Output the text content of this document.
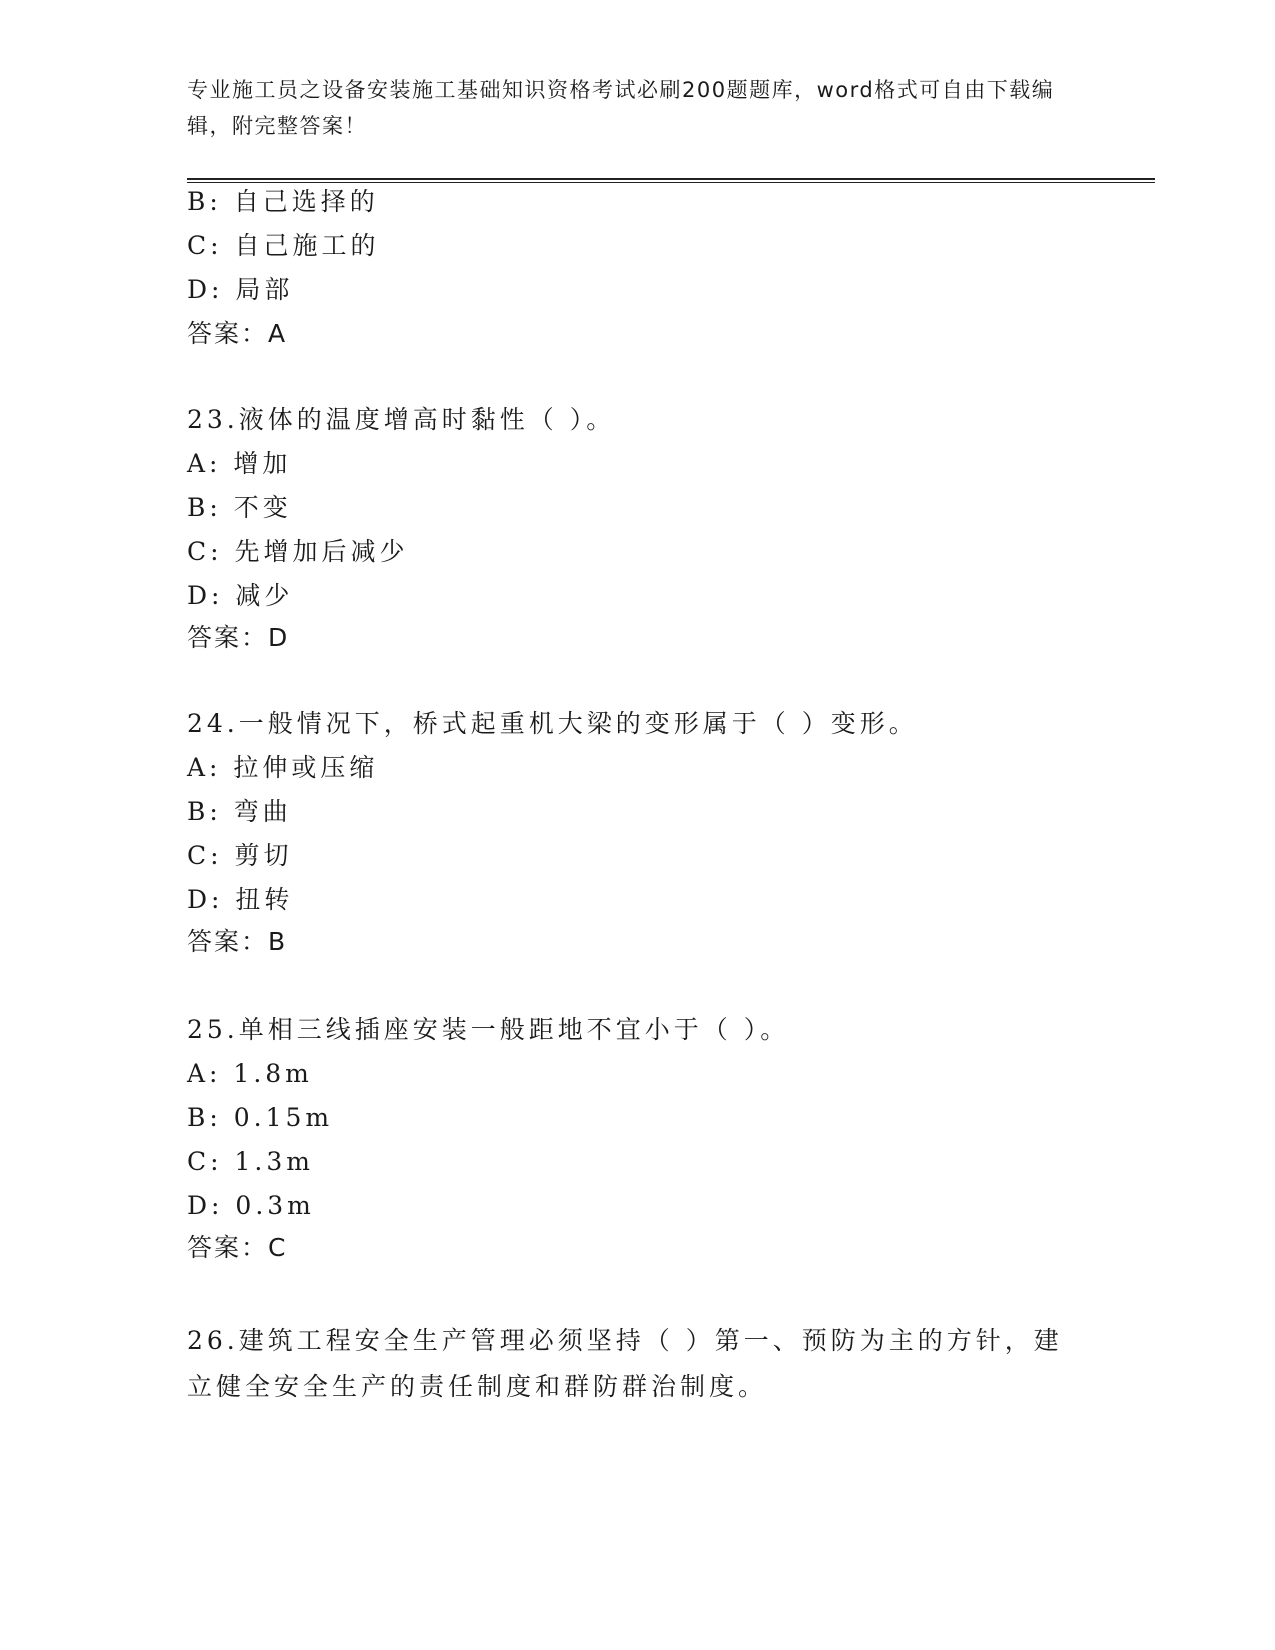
专业施工员之设备安装施工基础知识资格考试必刷200题题库，word格式可自由下载编辑，附完整答案！
B: 自己选择的
C: 自己施工的
D: 局部
答案：A
23.液体的温度增高时黏性（ ）。
A: 增加
B: 不变
C: 先增加后减少
D: 减少
答案：D
24.一般情况下，桥式起重机大梁的变形属于（ ）变形。
A: 拉伸或压缩
B: 弯曲
C: 剪切
D: 扭转
答案：B
25.单相三线插座安装一般距地不宜小于（ ）。
A: 1.8m
B: 0.15m
C: 1.3m
D: 0.3m
答案：C
26.建筑工程安全生产管理必须坚持（ ）第一、预防为主的方针，建立健全安全生产的责任制度和群防群治制度。
